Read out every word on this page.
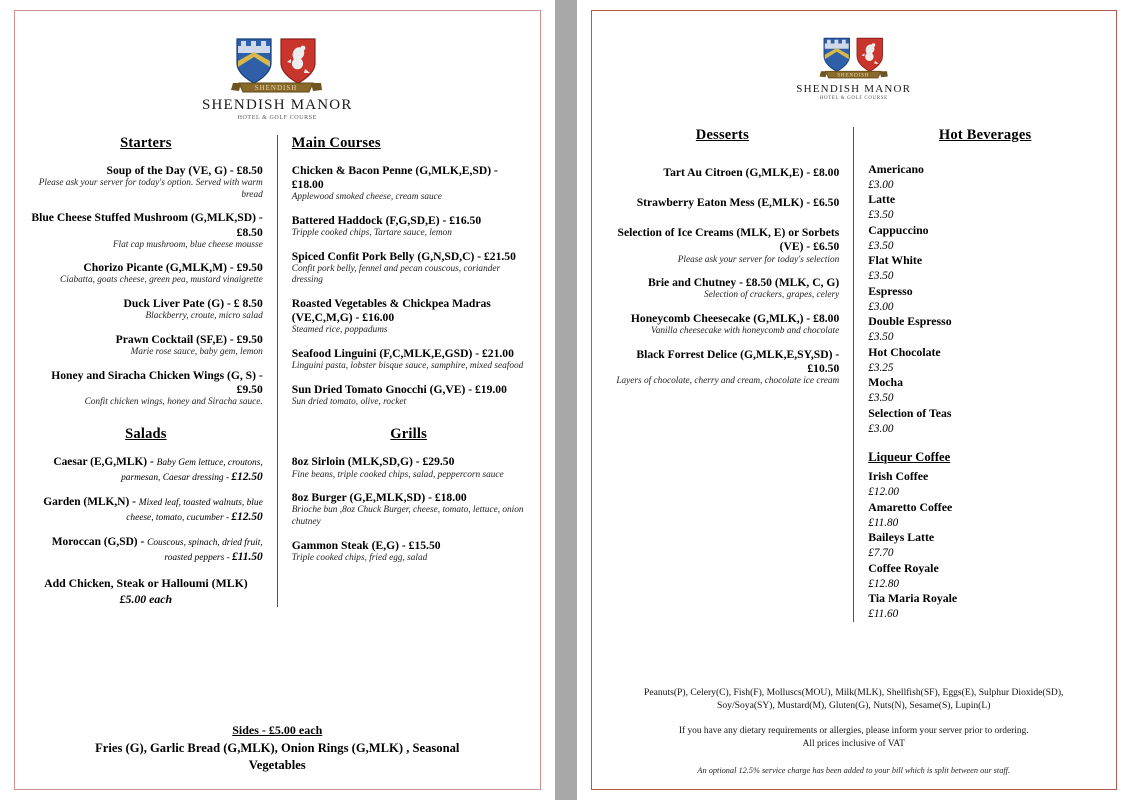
SHENDISH
SHENDISH MANOR
HOTEL & GOLF COURSE
Starters
Soup of the Day (VE, G) - £8.50
Please ask your server for today's option. Served with warm bread
Blue Cheese Stuffed Mushroom (G,MLK,SD) - £8.50
Flat cap mushroom, blue cheese mousse
Chorizo Picante (G,MLK,M) - £9.50
Ciabatta, goats cheese, green pea, mustard vinaigrette
Duck Liver Pate (G) - £ 8.50
Blackberry, croute, micro salad
Prawn Cocktail (SF,E) - £9.50
Marie rose sauce, baby gem, lemon
Honey and Siracha Chicken Wings (G, S) - £9.50
Confit chicken wings, honey and Siracha sauce.
Salads
Caesar (E,G,MLK) - Baby Gem lettuce, croutons, parmesan, Caesar dressing - £12.50
Garden (MLK,N) - Mixed leaf, toasted walnuts, blue cheese, tomato, cucumber - £12.50
Moroccan (G,SD) - Couscous, spinach, dried fruit, roasted peppers - £11.50
Add Chicken, Steak or Halloumi (MLK)
£5.00 each
Main Courses
Chicken & Bacon Penne (G,MLK,E,SD) - £18.00
Applewood smoked cheese, cream sauce
Battered Haddock (F,G,SD,E) - £16.50
Tripple cooked chips, Tartare sauce, lemon
Spiced Confit Pork Belly (G,N,SD,C) - £21.50
Confit pork belly, fennel and pecan couscous, coriander dressing
Roasted Vegetables & Chickpea Madras (VE,C,M,G) - £16.00
Steamed rice, poppadums
Seafood Linguini (F,C,MLK,E,GSD) - £21.00
Linguini pasta, lobster bisque sauce, samphire, mixed seafood
Sun Dried Tomato Gnocchi (G,VE) - £19.00
Sun dried tomato, olive, rocket
Grills
8oz Sirloin (MLK,SD,G) - £29.50
Fine beans, triple cooked chips, salad, peppercorn sauce
8oz Burger (G,E,MLK,SD) - £18.00
Brioche bun ,8oz Chuck Burger, cheese, tomato, lettuce, onion chutney
Gammon Steak (E,G) - £15.50
Triple cooked chips, fried egg, salad
Sides - £5.00 each
Fries (G), Garlic Bread (G,MLK), Onion Rings (G,MLK) , Seasonal Vegetables
SHENDISH
SHENDISH MANOR
HOTEL & GOLF COURSE
Desserts
Tart Au Citroen (G,MLK,E) - £8.00
Strawberry Eaton Mess (E,MLK) - £6.50
Selection of Ice Creams (MLK, E) or Sorbets (VE) - £6.50
Please ask your server for today's selection
Brie and Chutney - £8.50 (MLK, C, G)
Selection of crackers, grapes, celery
Honeycomb Cheesecake (G,MLK,) - £8.00
Vanilla cheesecake with honeycomb and chocolate
Black Forrest Delice (G,MLK,E,SY,SD) - £10.50
Layers of chocolate, cherry and cream, chocolate ice cream
Hot Beverages
Americano
£3.00
Latte
£3.50
Cappuccino
£3.50
Flat White
£3.50
Espresso
£3.00
Double Espresso
£3.50
Hot Chocolate
£3.25
Mocha
£3.50
Selection of Teas
£3.00
Liqueur Coffee
Irish Coffee
£12.00
Amaretto Coffee
£11.80
Baileys Latte
£7.70
Coffee Royale
£12.80
Tia Maria Royale
£11.60
Peanuts(P), Celery(C), Fish(F), Molluscs(MOU), Milk(MLK), Shellfish(SF), Eggs(E), Sulphur Dioxide(SD), Soy/Soya(SY), Mustard(M), Gluten(G), Nuts(N), Sesame(S), Lupin(L)
If you have any dietary requirements or allergies, please inform your server prior to ordering.
All prices inclusive of VAT
An optional 12.5% service charge has been added to your bill which is split between our staff.
